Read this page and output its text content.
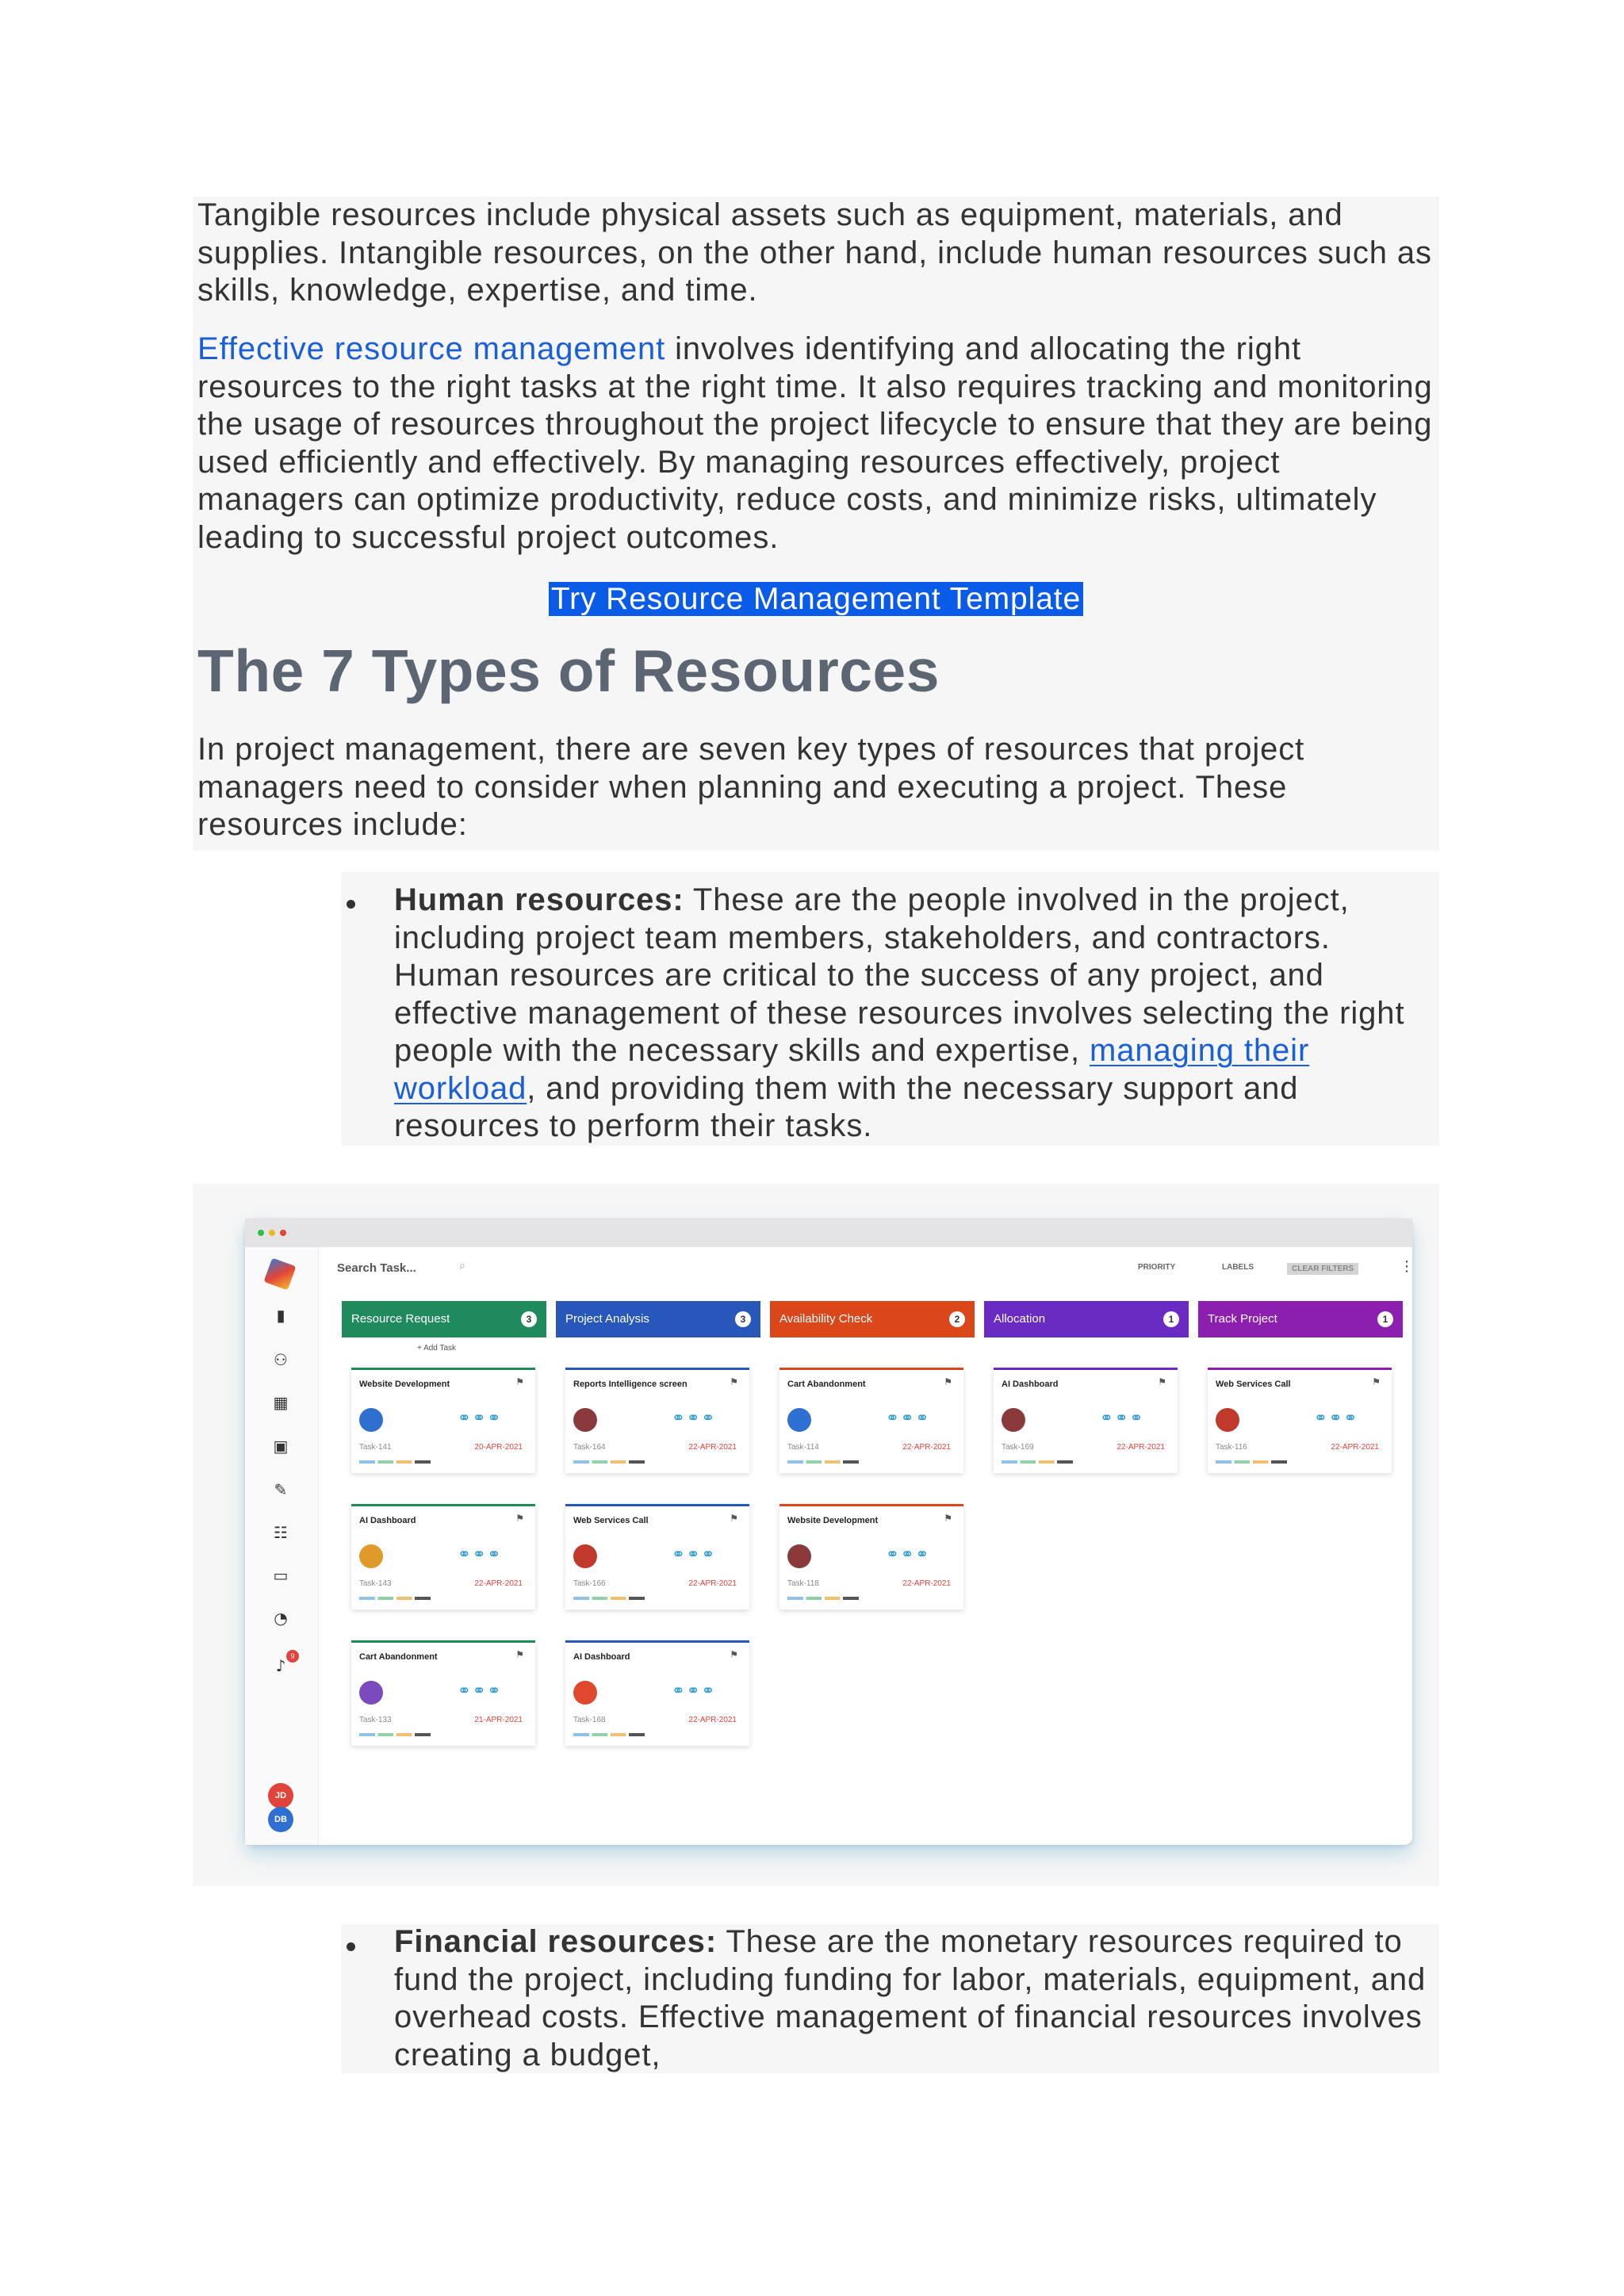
Tangible resources include physical assets such as equipment, materials, and supplies. Intangible resources, on the other hand, include human resources such as skills, knowledge, expertise, and time.

Effective resource management involves identifying and allocating the right resources to the right tasks at the right time. It also requires tracking and monitoring the usage of resources throughout the project lifecycle to ensure that they are being used efficiently and effectively. By managing resources effectively, project managers can optimize productivity, reduce costs, and minimize risks, ultimately leading to successful project outcomes.

Try Resource Management Template
The 7 Types of Resources

In project management, there are seven key types of resources that project managers need to consider when planning and executing a project. These resources include:

Human resources: These are the people involved in the project, including project team members, stakeholders, and contractors. Human resources are critical to the success of any project, and effective management of these resources involves selecting the right people with the necessary skills and expertise, managing their workload, and providing them with the necessary support and resources to perform their tasks.

▮
⚇
▦
▣
✎
☷
▭
◔
♪ 9
JD
DB
Search Task...	⌕	PRIORITY	LABELS	CLEAR FILTERS	⋮
Resource Request	3
+ Add Task
Website Development	⚑
⚭⚭⚭
Task-141	20-APR-2021
AI Dashboard	⚑
⚭⚭⚭
Task-143	22-APR-2021
Cart Abandonment	⚑
⚭⚭⚭
Task-133	21-APR-2021
Project Analysis	3
Reports Intelligence screen	⚑
⚭⚭⚭
Task-164	22-APR-2021
Web Services Call	⚑
⚭⚭⚭
Task-166	22-APR-2021
AI Dashboard	⚑
⚭⚭⚭
Task-168	22-APR-2021
Availability Check	2
Cart Abandonment	⚑
⚭⚭⚭
Task-114	22-APR-2021
Website Development	⚑
⚭⚭⚭
Task-118	22-APR-2021
Allocation	1
AI Dashboard	⚑
⚭⚭⚭
Task-169	22-APR-2021
Track Project	1
Web Services Call	⚑
⚭⚭⚭
Task-116	22-APR-2021

Financial resources: These are the monetary resources required to fund the project, including funding for labor, materials, equipment, and overhead costs. Effective management of financial resources involves creating a budget,
